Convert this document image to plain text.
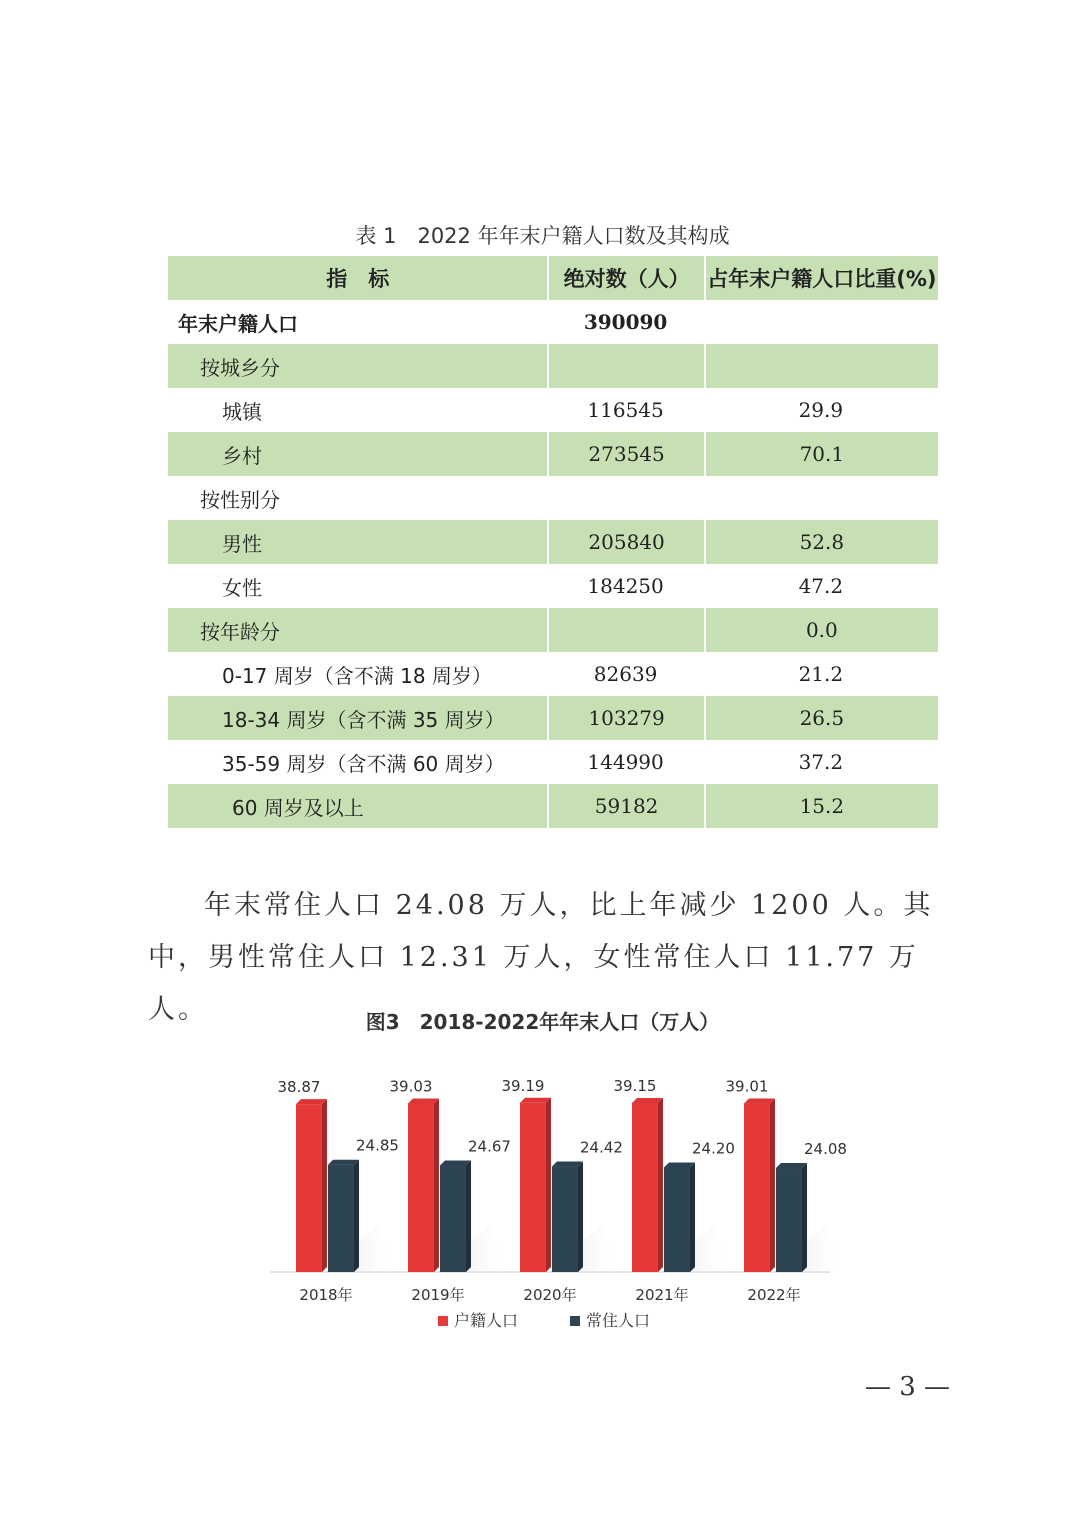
表 1　2022 年年末户籍人口数及其构成
指　标	绝对数（人）	占年末户籍人口比重(%)
年末户籍人口	390090	
按城乡分		
城镇	116545	29.9
乡村	273545	70.1
按性别分		
男性	205840	52.8
女性	184250	47.2
按年龄分		0.0
0-17 周岁（含不满 18 周岁）	82639	21.2
18-34 周岁（含不满 35 周岁）	103279	26.5
35-59 周岁（含不满 60 周岁）	144990	37.2
60 周岁及以上	59182	15.2
年末常住人口 24.08 万人，比上年减少 1200 人。其中，男性常住人口 12.31 万人，女性常住人口 11.77 万人。	图3　2018-2022年年末人口（万人）
38.87
24.85
2018年
39.03
24.67
2019年
39.19
24.42
2020年
39.15
24.20
2021年
39.01
24.08
2022年
户籍人口	常住人口
— 3 —
